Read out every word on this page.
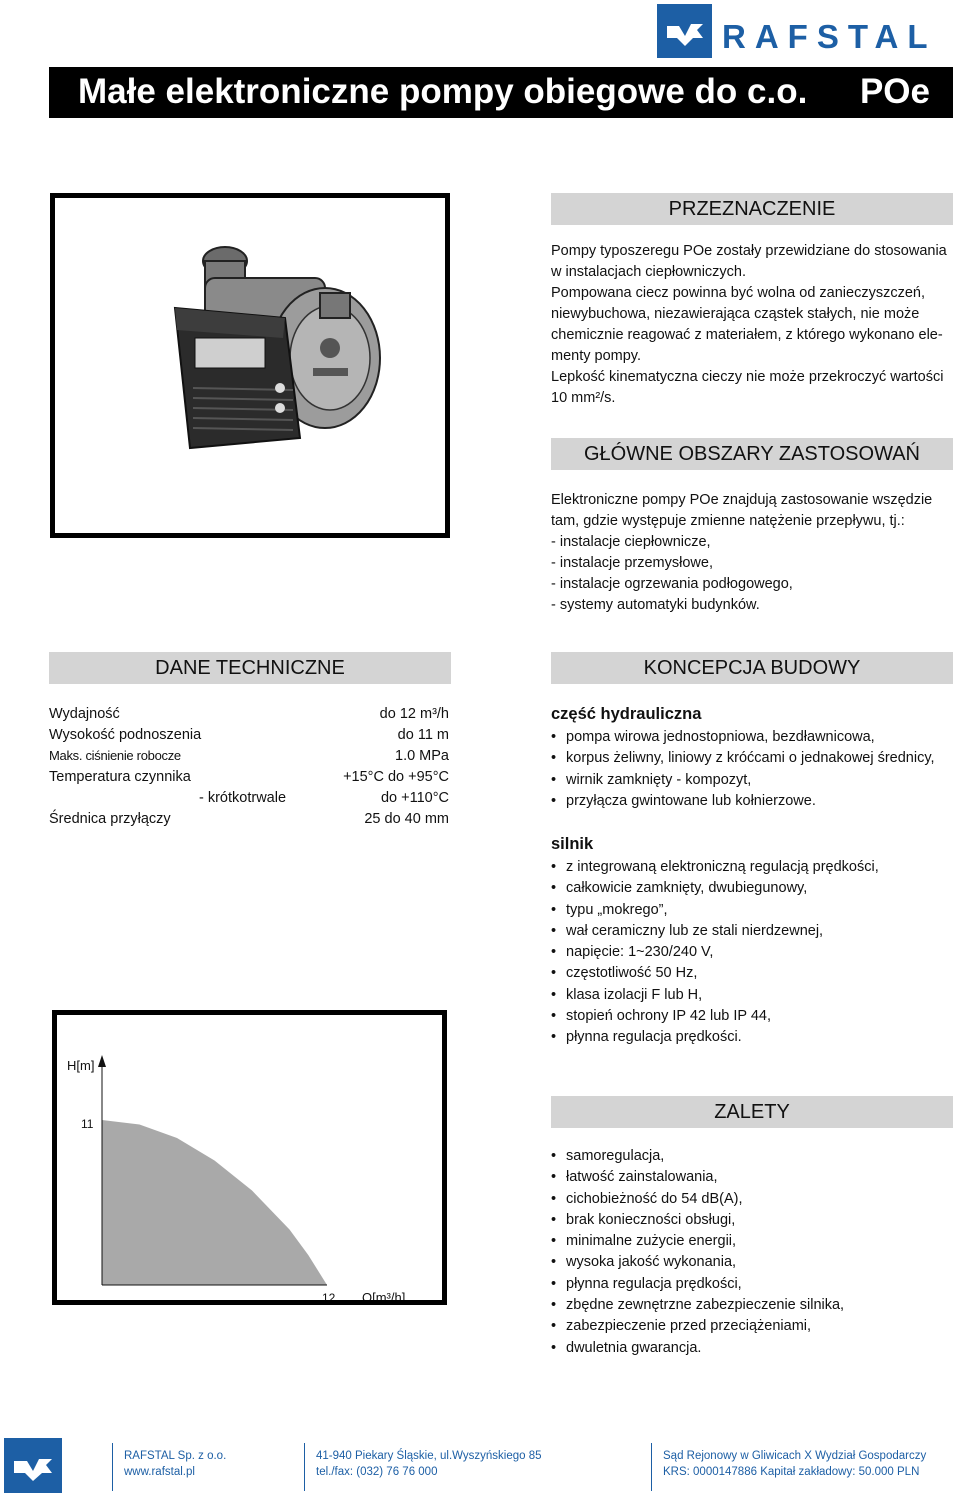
RAFSTAL
Małe elektroniczne pompy obiegowe do c.o. POe
PRZEZNACZENIE

Pompy typoszeregu POe zostały przewidziane do stosowania

w instalacjach ciepłowniczych.

Pompowana ciecz powinna być wolna od zanieczyszczeń,

niewybuchowa, niezawierająca cząstek stałych, nie może

chemicznie reagować z materiałem, z którego wykonano ele-

menty pompy.

Lepkość kinematyczna cieczy nie może przekroczyć wartości

10 mm²/s.

GŁÓWNE OBSZARY ZASTOSOWAŃ

Elektroniczne pompy POe znajdują zastosowanie wszędzie

tam, gdzie występuje zmienne natężenie przepływu, tj.:

- instalacje ciepłownicze,

- instalacje przemysłowe,

- instalacje ogrzewania podłogowego,

- systemy automatyki budynków.

DANE TECHNICZNE
Wydajność	do 12 m³/h
Wysokość podnoszenia	do 11 m
Maks. ciśnienie robocze	1.0 MPa
Temperatura czynnika	+15°C do +95°C
- krótkotrwale	do +110°C
Średnica przyłączy	25 do 40 mm
H[m]
11
12 Q[m³/h]
KONCEPCJA BUDOWY
część hydrauliczna
• pompa wirowa jednostopniowa, bezdławnicowa,
• korpus żeliwny, liniowy z króćcami o jednakowej średnicy,
• wirnik zamknięty - kompozyt,
• przyłącza gwintowane lub kołnierzowe.
silnik
• z integrowaną elektroniczną regulacją prędkości,
• całkowicie zamknięty, dwubiegunowy,
• typu „mokrego”,
• wał ceramiczny lub ze stali nierdzewnej,
• napięcie: 1~230/240 V,
• częstotliwość 50 Hz,
• klasa izolacji F lub H,
• stopień ochrony IP 42 lub IP 44,
• płynna regulacja prędkości.
ZALETY
• samoregulacja,
• łatwość zainstalowania,
• cichobieżność do 54 dB(A),
• brak konieczności obsługi,
• minimalne zużycie energii,
• wysoka jakość wykonania,
• płynna regulacja prędkości,
• zbędne zewnętrzne zabezpieczenie silnika,
• zabezpieczenie przed przeciążeniami,
• dwuletnia gwarancja.
RAFSTAL Sp. z o.o.
www.rafstal.pl
41-940 Piekary Śląskie, ul.Wyszyńskiego 85
tel./fax: (032) 76 76 000
Sąd Rejonowy w Gliwicach X Wydział Gospodarczy
KRS: 0000147886 Kapitał zakładowy: 50.000 PLN
